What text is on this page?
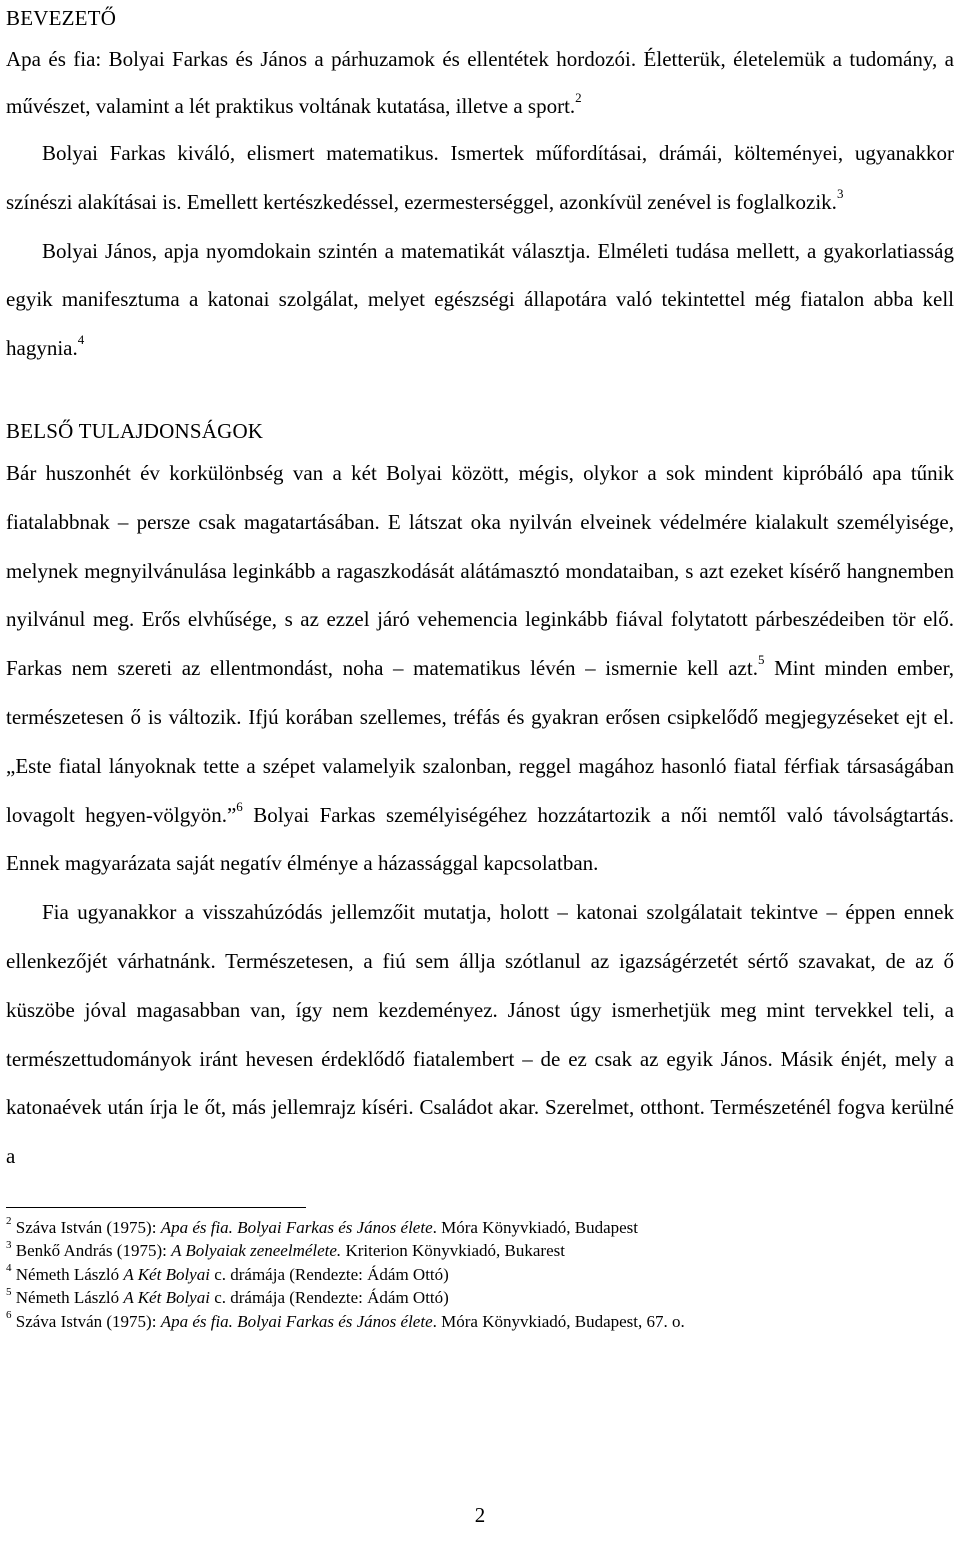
BEVEZETŐ

Apa és fia: Bolyai Farkas és János a párhuzamok és ellentétek hordozói. Életterük, életelemük a tudomány, a művészet, valamint a lét praktikus voltának kutatása, illetve a sport.$^2$

Bolyai Farkas kiváló, elismert matematikus. Ismertek műfordításai, drámái, költeményei, ugyanakkor színészi alakításai is. Emellett kertészkedéssel, ezermesterséggel, azonkívül zenével is foglalkozik.$^3$

Bolyai János, apja nyomdokain szintén a matematikát választja. Elméleti tudása mellett, a gyakorlatiasság egyik manifesztuma a katonai szolgálat, melyet egészségi állapotára való tekintettel még fiatalon abba kell hagynia.$^4$

BELSŐ TULAJDONSÁGOK

Bár huszonhét év korkülönbség van a két Bolyai között, mégis, olykor a sok mindent kipróbáló apa tűnik fiatalabbnak – persze csak magatartásában. E látszat oka nyilván elveinek védelmére kialakult személyisége, melynek megnyilvánulása leginkább a ragaszkodását alátámasztó mondataiban, s azt ezeket kísérő hangnemben nyilvánul meg. Erős elvhűsége, s az ezzel járó vehemencia leginkább fiával folytatott párbeszédeiben tör elő. Farkas nem szereti az ellentmondást, noha – matematikus lévén – ismernie kell azt.$^5$ Mint minden ember, természetesen ő is változik. Ifjú korában szellemes, tréfás és gyakran erősen csipkelődő megjegyzéseket ejt el. „Este fiatal lányoknak tette a szépet valamelyik szalonban, reggel magához hasonló fiatal férfiak társaságában lovagolt hegyen-völgyön.”$^6$ Bolyai Farkas személyiségéhez hozzátartozik a női nemtől való távolságtartás. Ennek magyarázata saját negatív élménye a házassággal kapcsolatban.

Fia ugyanakkor a visszahúzódás jellemzőit mutatja, holott – katonai szolgálatait tekintve – éppen ennek ellenkezőjét várhatnánk. Természetesen, a fiú sem állja szótlanul az igazságérzetét sértő szavakat, de az ő küszöbe jóval magasabban van, így nem kezdeményez. Jánost úgy ismerhetjük meg mint tervekkel teli, a természettudományok iránt hevesen érdeklődő fiatalembert – de ez csak az egyik János. Másik énjét, mely a katonaévek után írja le őt, más jellemrajz kíséri. Családot akar. Szerelmet, otthont. Természeténél fogva kerülné a

$^2$ Száva István (1975): Apa és fia. Bolyai Farkas és János élete. Móra Könyvkiadó, Budapest
$^3$ Benkő András (1975): A Bolyaiak zeneelmélete. Kriterion Könyvkiadó, Bukarest
$^4$ Németh László A Két Bolyai c. drámája (Rendezte: Ádám Ottó)
$^5$ Németh László A Két Bolyai c. drámája (Rendezte: Ádám Ottó)
$^6$ Száva István (1975): Apa és fia. Bolyai Farkas és János élete. Móra Könyvkiadó, Budapest, 67. o.
2
